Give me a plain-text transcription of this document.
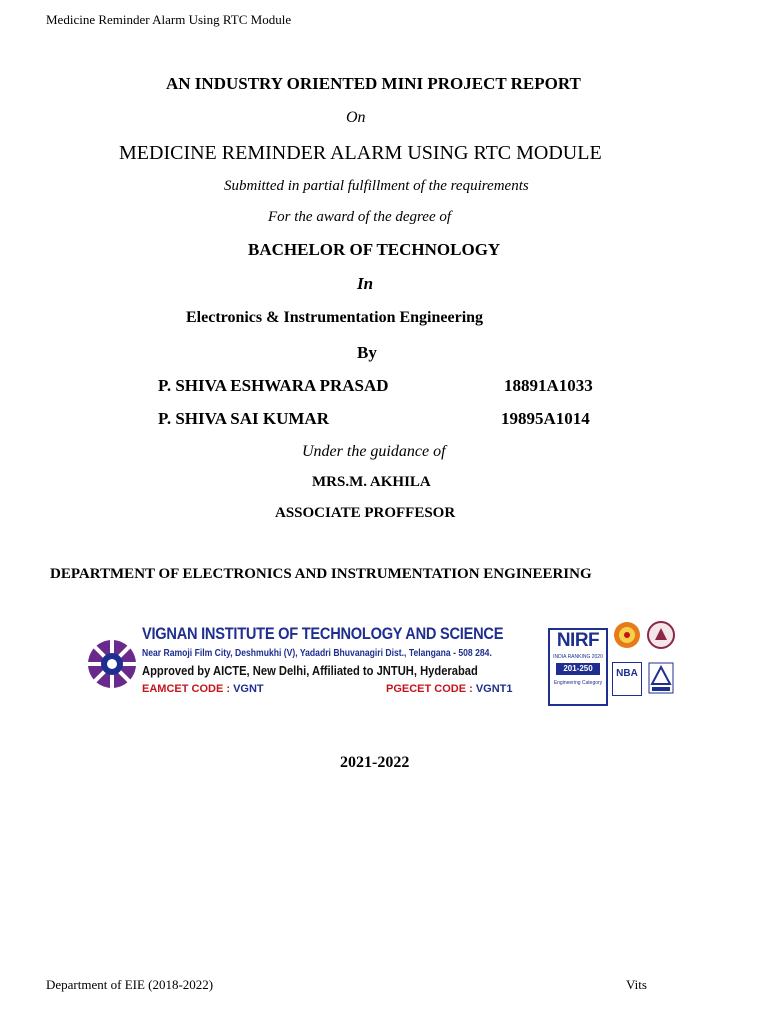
Medicine Reminder Alarm Using RTC Module
AN INDUSTRY ORIENTED MINI PROJECT REPORT
On
MEDICINE REMINDER ALARM USING RTC MODULE
Submitted in partial fulfillment of the requirements
For the award of the degree of
BACHELOR OF TECHNOLOGY
In
Electronics & Instrumentation Engineering
By
P. SHIVA ESHWARA PRASAD	18891A1033
P. SHIVA SAI KUMAR	19895A1014
Under the guidance of
MRS.M. AKHILA
ASSOCIATE PROFFESOR
DEPARTMENT OF ELECTRONICS AND INSTRUMENTATION ENGINEERING
VIGNAN INSTITUTE OF TECHNOLOGY AND SCIENCE
Near Ramoji Film City, Deshmukhi (V), Yadadri Bhuvanagiri Dist., Telangana - 508 284.
Approved by AICTE, New Delhi, Affiliated to JNTUH, Hyderabad
EAMCET CODE : VGNT	PGECET CODE : VGNT1
NIRF
INDIA RANKING 2020
201-250
Engineering Category
NBA
2021-2022
Department of EIE (2018-2022)	Vits
